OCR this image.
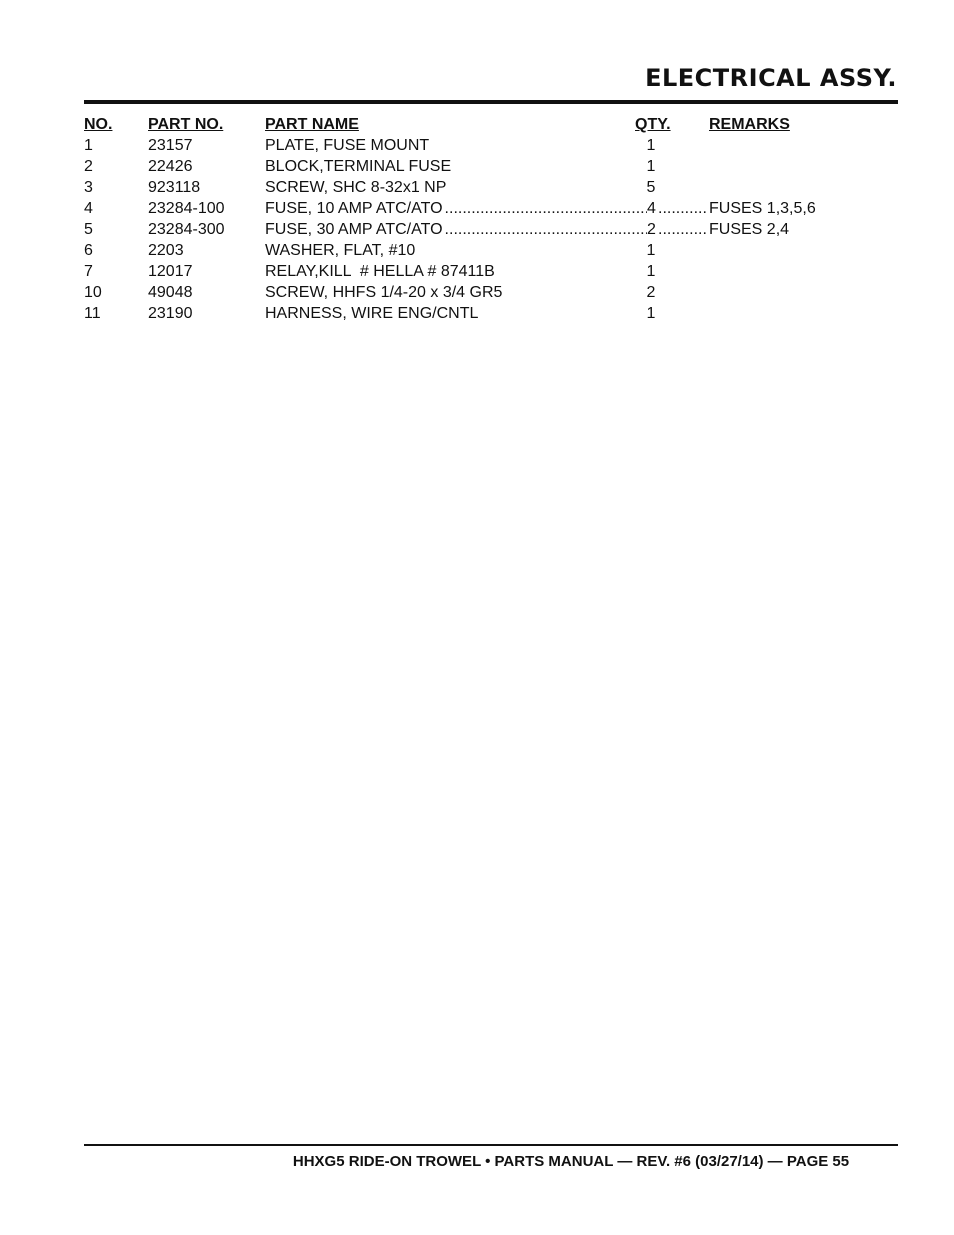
ELECTRICAL ASSY.
NO. PART NO.	PART NAME	QTY. REMARKS
1	23157	PLATE, FUSE MOUNT	1
2	22426	BLOCK,TERMINAL FUSE	1
3	923118	SCREW, SHC 8-32x1 NP	5
4	23284-100	FUSE, 10 AMP ATC/ATO .....	4 .....	FUSES 1,3,5,6
5	23284-300	FUSE, 30 AMP ATC/ATO .....	2 .....	FUSES 2,4
6	2203	WASHER, FLAT, #10	1
7	12017	RELAY,KILL  # HELLA # 87411B	1
10	49048	SCREW, HHFS 1/4-20 x 3/4 GR5	2
11	23190	HARNESS, WIRE ENG/CNTL	1
HHXG5 RIDE-ON TROWEL • PARTS MANUAL — REV. #6 (03/27/14) — PAGE 55
